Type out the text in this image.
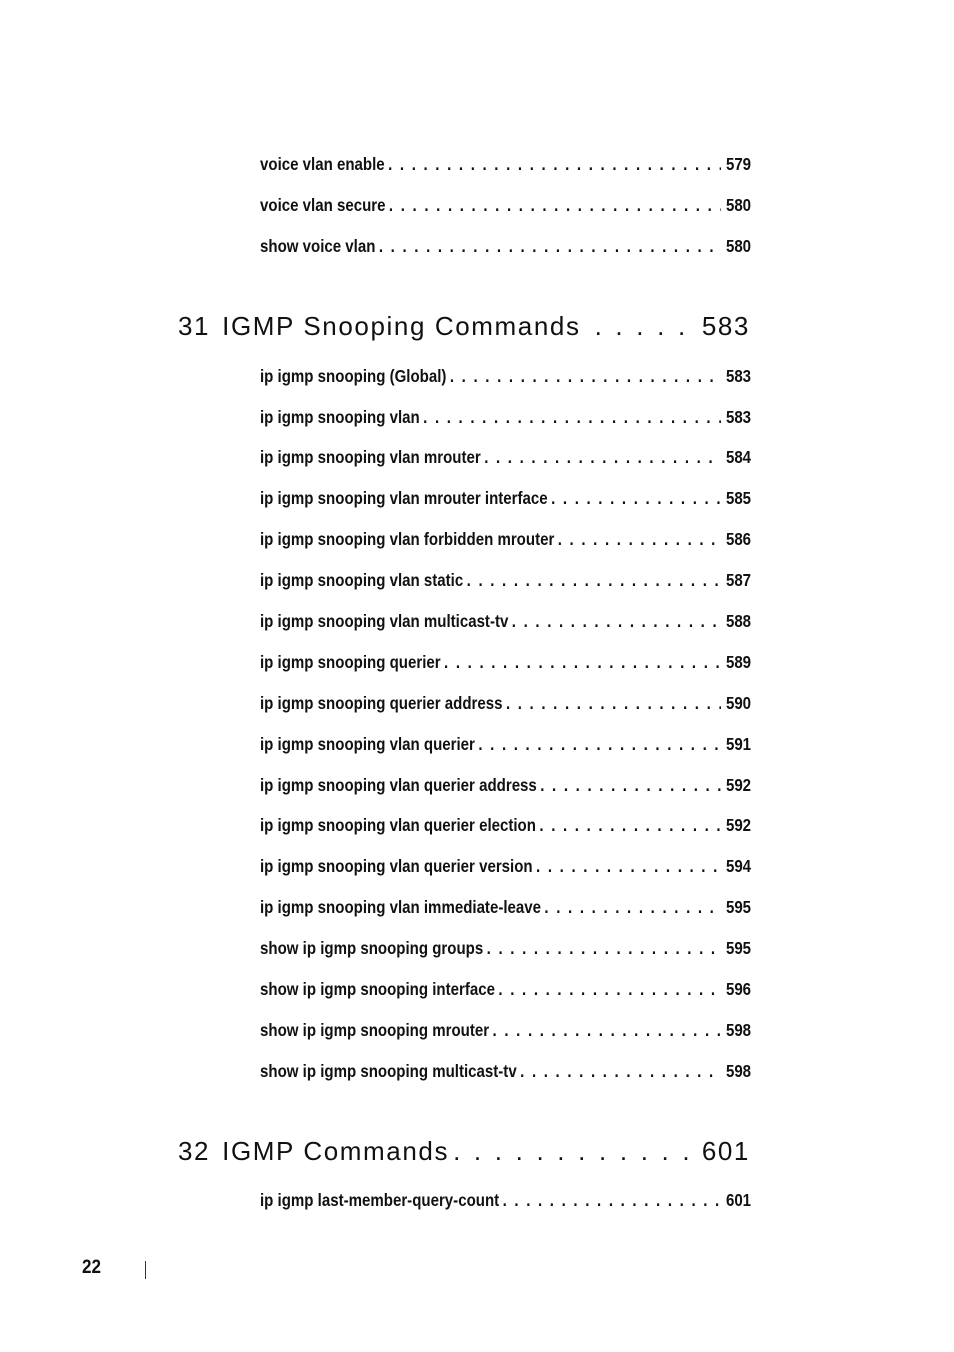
voice vlan enable . . .	579
voice vlan secure . . .	580
show voice vlan . . .	580
31 IGMP Snooping Commands . . .	583
ip igmp snooping (Global) . . .	583
ip igmp snooping vlan . . .	583
ip igmp snooping vlan mrouter . . .	584
ip igmp snooping vlan mrouter interface . . .	585
ip igmp snooping vlan forbidden mrouter . . .	586
ip igmp snooping vlan static . . .	587
ip igmp snooping vlan multicast-tv . . .	588
ip igmp snooping querier . . .	589
ip igmp snooping querier address . . .	590
ip igmp snooping vlan querier . . .	591
ip igmp snooping vlan querier address . . .	592
ip igmp snooping vlan querier election . . .	592
ip igmp snooping vlan querier version . . .	594
ip igmp snooping vlan immediate-leave . . .	595
show ip igmp snooping groups . . .	595
show ip igmp snooping interface . . .	596
show ip igmp snooping mrouter . . .	598
show ip igmp snooping multicast-tv . . .	598
32 IGMP Commands . . .	601
ip igmp last-member-query-count . . .	601
22
